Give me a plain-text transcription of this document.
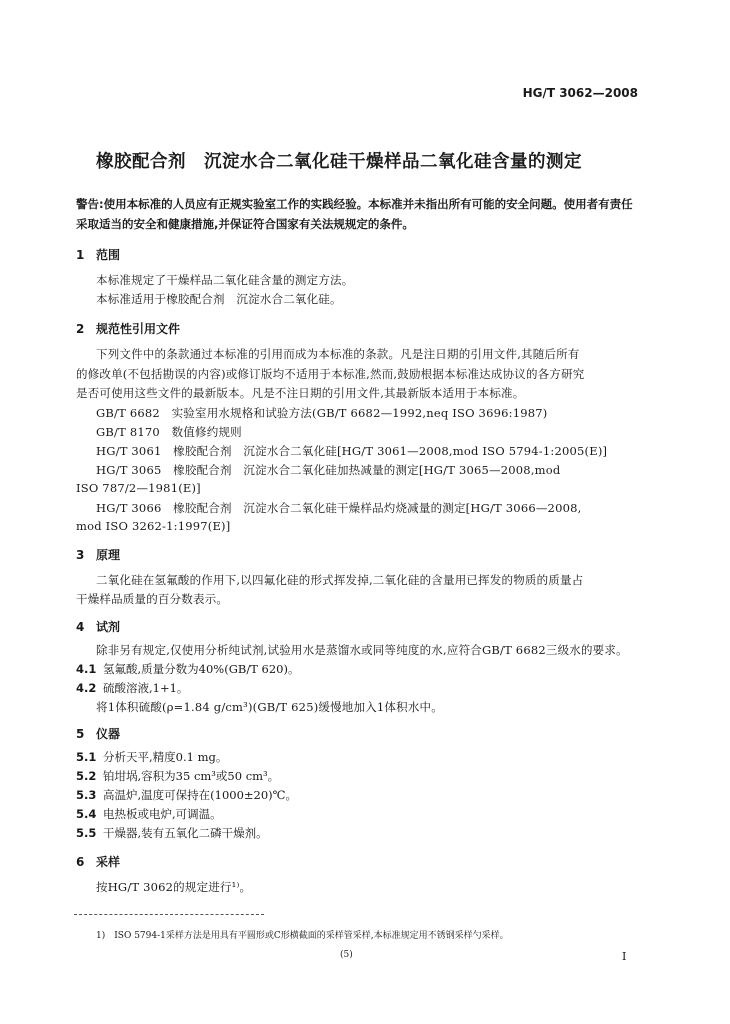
HG/T 3062—2008
橡胶配合剂　沉淀水合二氧化硅干燥样品二氧化硅含量的测定
警告:使用本标准的人员应有正规实验室工作的实践经验。本标准并未指出所有可能的安全问题。使用者有责任采取适当的安全和健康措施,并保证符合国家有关法规规定的条件。
1 范围
本标准规定了干燥样品二氧化硅含量的测定方法。
本标准适用于橡胶配合剂　沉淀水合二氧化硅。
2 规范性引用文件
下列文件中的条款通过本标准的引用而成为本标准的条款。凡是注日期的引用文件,其随后所有
的修改单(不包括勘误的内容)或修订版均不适用于本标准,然而,鼓励根据本标准达成协议的各方研究
是否可使用这些文件的最新版本。凡是不注日期的引用文件,其最新版本适用于本标准。
GB/T 6682　实验室用水规格和试验方法(GB/T 6682—1992,neq ISO 3696:1987)
GB/T 8170　数值修约规则
HG/T 3061　橡胶配合剂　沉淀水合二氧化硅[HG/T 3061—2008,mod ISO 5794-1:2005(E)]
HG/T 3065　橡胶配合剂　沉淀水合二氧化硅加热减量的测定[HG/T 3065—2008,mod
ISO 787/2—1981(E)]
HG/T 3066　橡胶配合剂　沉淀水合二氧化硅干燥样品灼烧减量的测定[HG/T 3066—2008,
mod ISO 3262-1:1997(E)]
3 原理
二氧化硅在氢氟酸的作用下,以四氟化硅的形式挥发掉,二氧化硅的含量用已挥发的物质的质量占
干燥样品质量的百分数表示。
4 试剂
除非另有规定,仅使用分析纯试剂,试验用水是蒸馏水或同等纯度的水,应符合GB/T 6682三级水的要求。
4.1 氢氟酸,质量分数为40%(GB/T 620)。
4.2 硫酸溶液,1+1。
将1体积硫酸(ρ=1.84 g/cm³)(GB/T 625)缓慢地加入1体积水中。
5 仪器
5.1 分析天平,精度0.1 mg。
5.2 铂坩埚,容积为35 cm³或50 cm³。
5.3 高温炉,温度可保持在(1000±20)℃。
5.4 电热板或电炉,可调温。
5.5 干燥器,装有五氧化二磷干燥剂。
6 采样
按HG/T 3062的规定进行¹⁾。
1)　ISO 5794-1采样方法是用具有平圆形或C形横截面的采样管采样,本标准规定用不锈钢采样勺采样。
(5)	I
